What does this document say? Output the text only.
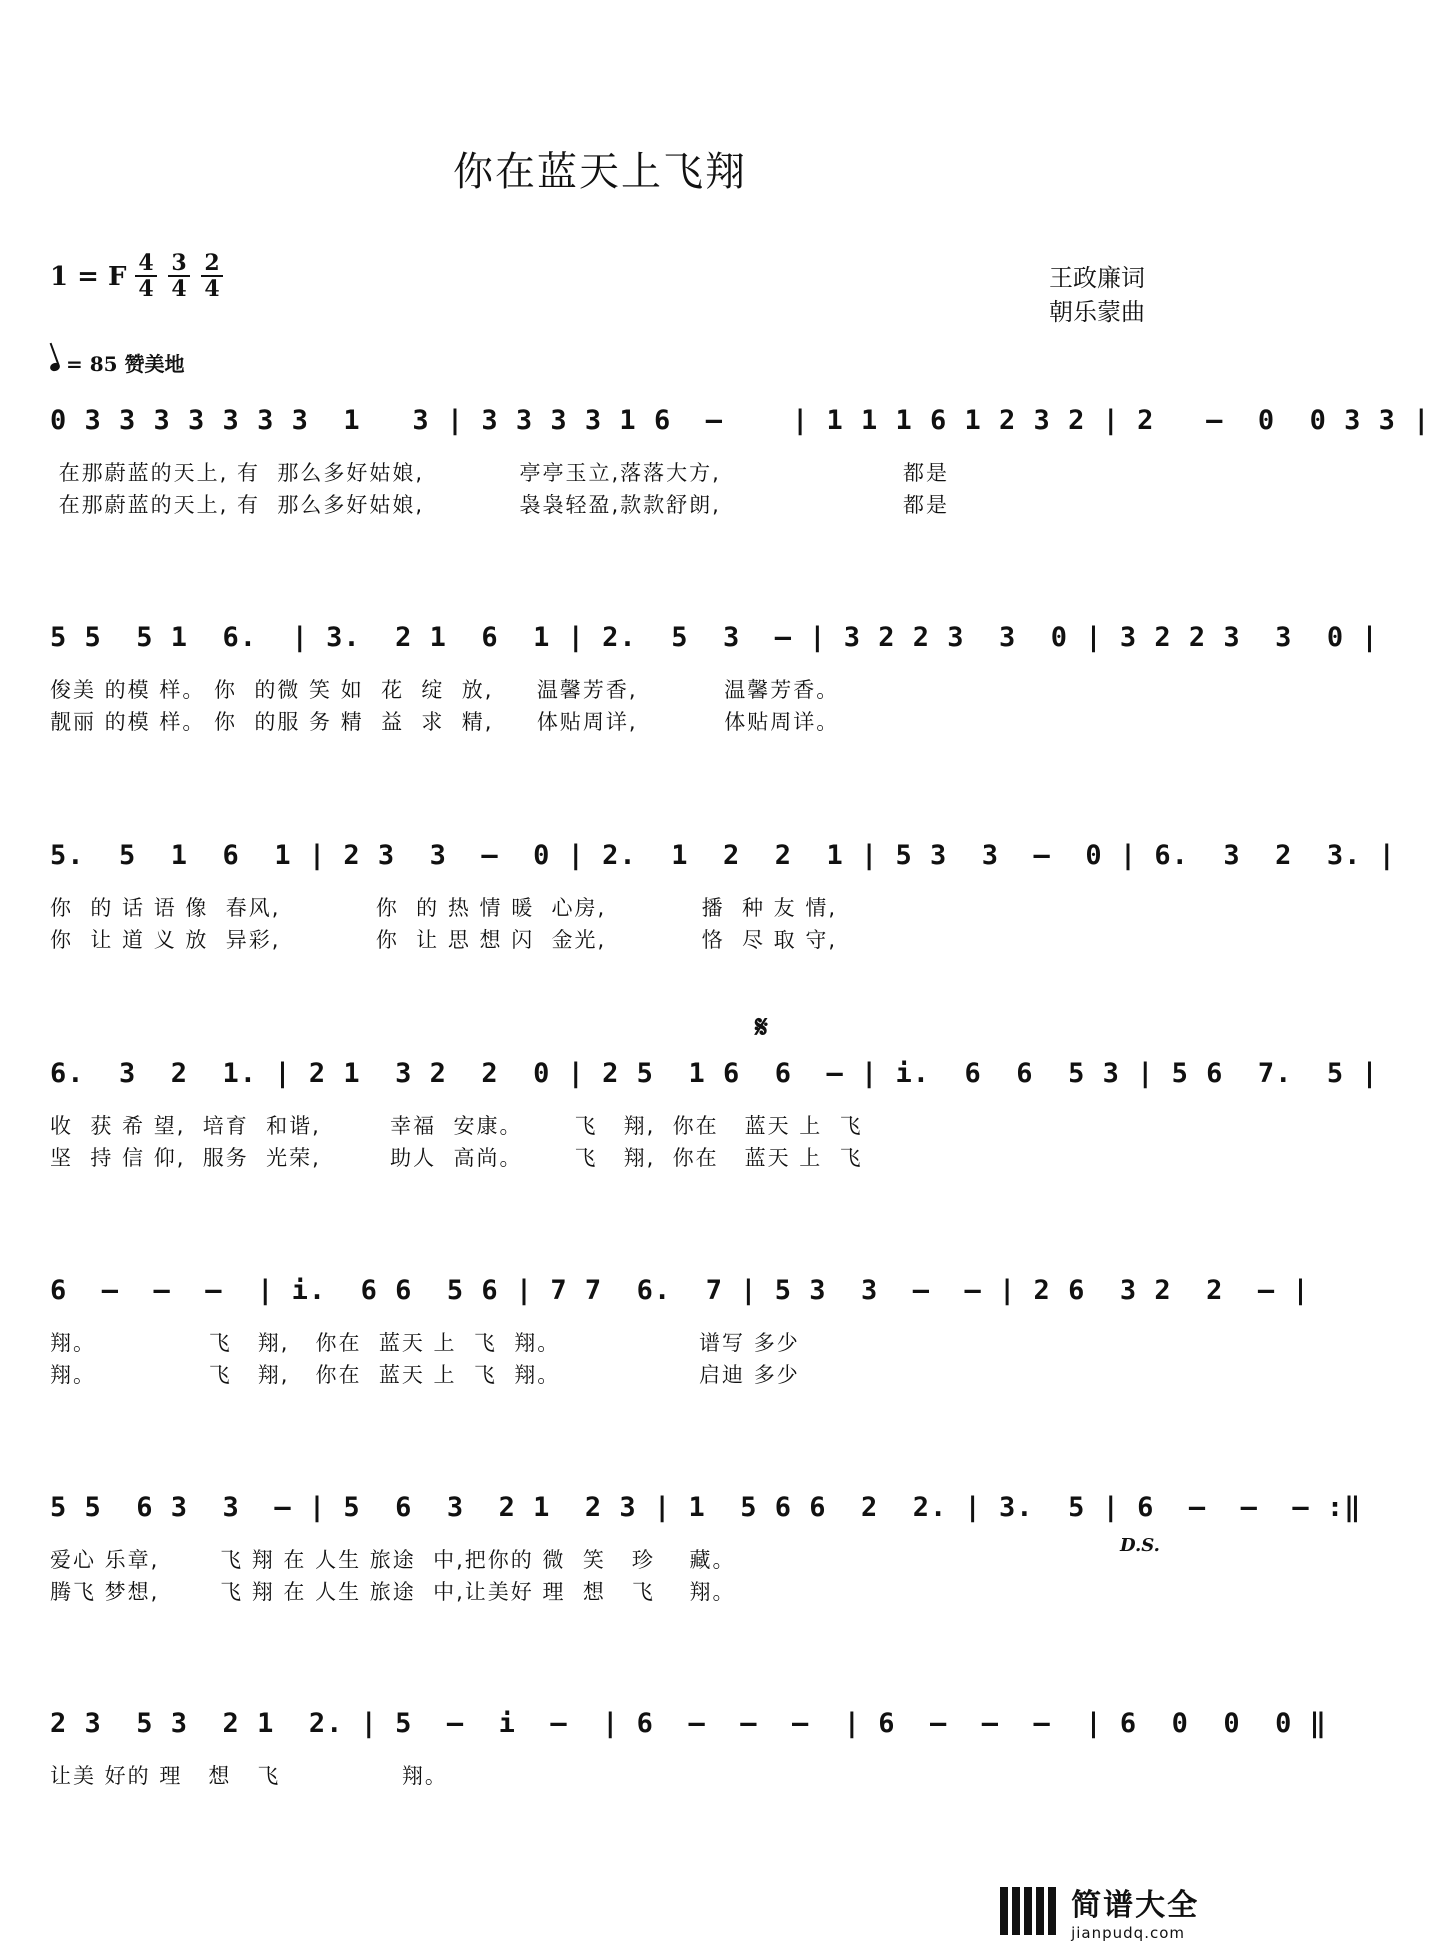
你在蓝天上飞翔
1 = F 4
4
3
4
2
4	王政廉词
朝乐蒙曲
= 85 赞美地
0 3 3 3 3 3 3 3  1   3 | 3 3 3 3 1 6  –    | 1 1 1 6 1 2 3 2 | 2   –  0  0 3 3 |
在那蔚蓝的天上, 有  那么多好姑娘,           亭亭玉立,落落大方,                     都是
在那蔚蓝的天上, 有  那么多好姑娘,           袅袅轻盈,款款舒朗,                     都是
5 5  5 1  6.  | 3.  2 1  6  1 | 2.  5  3  – | 3 2 2 3  3  0 | 3 2 2 3  3  0 |
俊美 的模 样。 你  的微 笑 如  花  绽  放,     温馨芳香,          温馨芳香。
靓丽 的模 样。 你  的服 务 精  益  求  精,     体贴周详,          体贴周详。
5.  5  1  6  1 | 2 3  3  –  0 | 2.  1  2  2  1 | 5 3  3  –  0 | 6.  3  2  3. |
你  的 话 语 像  春风,           你  的 热 情 暖  心房,           播  种 友 情,
你  让 道 义 放  异彩,           你  让 思 想 闪  金光,           恪  尽 取 守,
𝄋
6.  3  2  1. | 2 1  3 2  2  0 | 2 5  1 6  6  – | i.  6  6  5 3 | 5 6  7.  5 |
收  获 希 望,  培育  和谐,        幸福  安康。      飞   翔,  你在   蓝天 上  飞
坚  持 信 仰,  服务  光荣,        助人  高尚。      飞   翔,  你在   蓝天 上  飞
6  –  –  –  | i.  6 6  5 6 | 7 7  6.  7 | 5 3  3  –  – | 2 6  3 2  2  – |
翔。             飞   翔,   你在  蓝天 上  飞  翔。                谱写 多少
翔。             飞   翔,   你在  蓝天 上  飞  翔。                启迪 多少
5 5  6 3  3  – | 5  6  3  2 1  2 3 | 1  5 6 6  2  2. | 3.  5 | 6  –  –  – :‖
爱心 乐章,       飞 翔 在 人生 旅途  中,把你的 微  笑   珍    藏。
腾飞 梦想,       飞 翔 在 人生 旅途  中,让美好 理  想   飞    翔。
D.S.
2 3  5 3  2 1  2. | 5  –  i  –  | 6  –  –  –  | 6  –  –  –  | 6  0  0  0 ‖
让美 好的 理   想   飞              翔。

简谱大全
jianpudq.com
